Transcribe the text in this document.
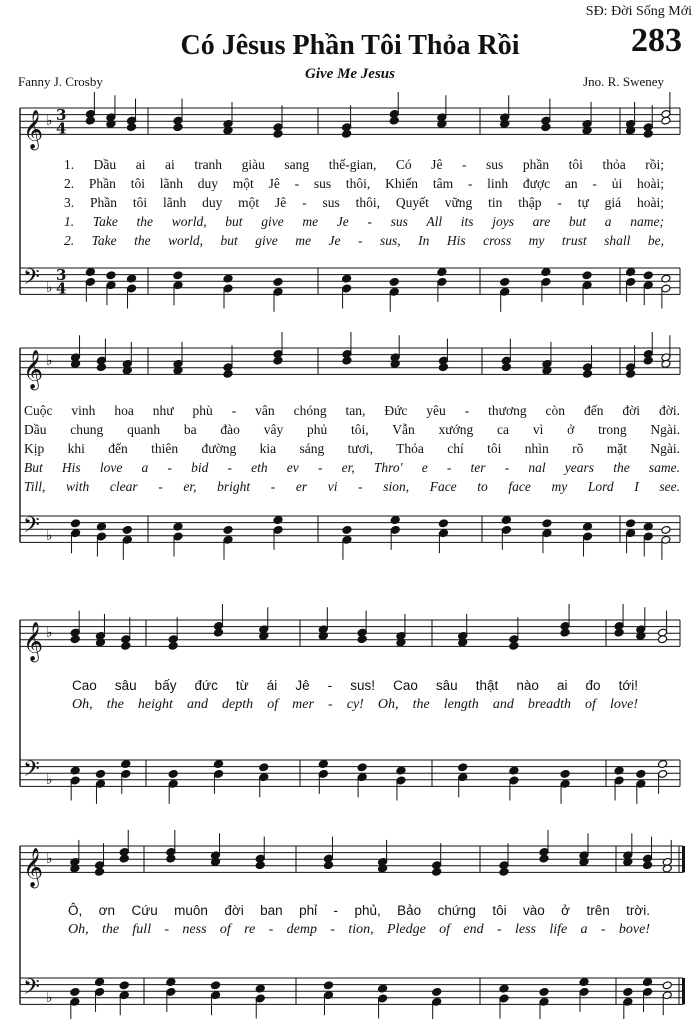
SĐ: Đời Sống Mới
283
Có Jêsus Phần Tôi Thỏa Rồi
Give Me Jesus
Fanny J. Crosby	Jno. R. Sweney
𝄞
𝄢
♭
♭
3
4
3
4
𝄞
𝄢
♭
♭
𝄞
𝄢
♭
♭
𝄞
𝄢
♭
♭
1. Dầu ai ai tranh giàu sang thế-gian, Có Jê - sus phần tôi thỏa rồi;
2. Phần tôi lãnh duy một Jê - sus thôi, Khiến tâm - linh được an - ủi hoài;
3. Phần tôi lãnh duy một Jê - sus thôi, Quyết vững tin thập - tự giá hoài;
1. Take the world, but give me Je - sus All its joys are but a name;
2. Take the world, but give me Je - sus, In His cross my trust shall be,
Cuộc vinh hoa như phù - vân chóng tan, Đức yêu - thương còn đến đời đời.
Dầu chung quanh ba đào vây phủ tôi, Vẫn xướng ca vì ở trong Ngài.
Kịp khi đến thiên đường kia sáng tươi, Thỏa chí tôi nhìn rõ mặt Ngài.
But His love a - bid - eth ev - er, Thro' e - ter - nal years the same.
Till, with clear - er, bright - er vi - sion, Face to face my Lord I see.
Cao sâu bấy đức từ ái Jê - sus! Cao sâu thật nào ai đo tới!
Oh, the height and depth of mer - cy! Oh, the length and breadth of love!
Ô, ơn Cứu muôn đời ban phỉ - phủ, Bảo chứng tôi vào ở trên trời.
Oh, the full - ness of re - demp - tion, Pledge of end - less life a - bove!
